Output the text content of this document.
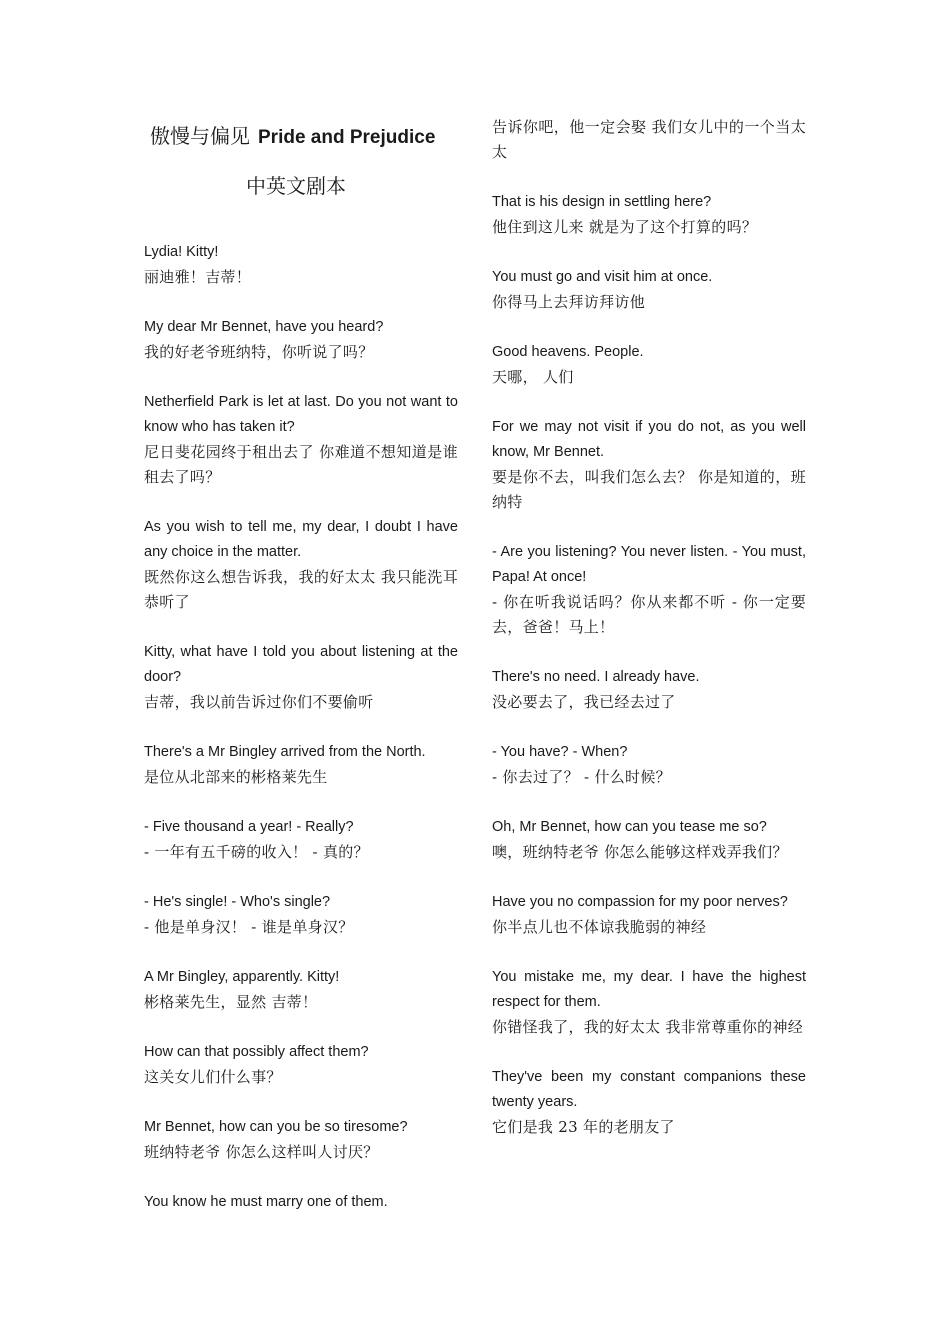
傲慢与偏见 Pride and Prejudice
中英文剧本
Lydia! Kitty!
丽迪雅！吉蒂！
My dear Mr Bennet, have you heard?
我的好老爷班纳特，你听说了吗？
Netherfield Park is let at last. Do you not want to know who has taken it?
尼日斐花园终于租出去了 你难道不想知道是谁租去了吗？
As you wish to tell me, my dear, I doubt I have any choice in the matter.
既然你这么想告诉我，我的好太太 我只能洗耳恭听了
Kitty, what have I told you about listening at the door?
吉蒂，我以前告诉过你们不要偷听
There's a Mr Bingley arrived from the North.
是位从北部来的彬格莱先生
- Five thousand a year! - Really?
- 一年有五千磅的收入！ - 真的？
- He's single! - Who's single?
- 他是单身汉！ - 谁是单身汉？
A Mr Bingley, apparently. Kitty!
彬格莱先生，显然 吉蒂！
How can that possibly affect them?
这关女儿们什么事？
Mr Bennet, how can you be so tiresome?
班纳特老爷 你怎么这样叫人讨厌？
You know he must marry one of them.
告诉你吧，他一定会娶 我们女儿中的一个当太太
That is his design in settling here?
他住到这儿来 就是为了这个打算的吗？
You must go and visit him at once.
你得马上去拜访拜访他
Good heavens. People.
天哪， 人们
For we may not visit if you do not, as you well know, Mr Bennet.
要是你不去，叫我们怎么去？ 你是知道的，班纳特
- Are you listening? You never listen. - You must, Papa! At once!
- 你在听我说话吗？你从来都不听 - 你一定要去，爸爸！马上！
There's no need. I already have.
没必要去了，我已经去过了
- You have? - When?
- 你去过了？ - 什么时候？
Oh, Mr Bennet, how can you tease me so?
噢，班纳特老爷 你怎么能够这样戏弄我们？
Have you no compassion for my poor nerves?
你半点儿也不体谅我脆弱的神经
You mistake me, my dear. I have the highest respect for them.
你错怪我了，我的好太太 我非常尊重你的神经
They've been my constant companions these twenty years.
它们是我 23 年的老朋友了
